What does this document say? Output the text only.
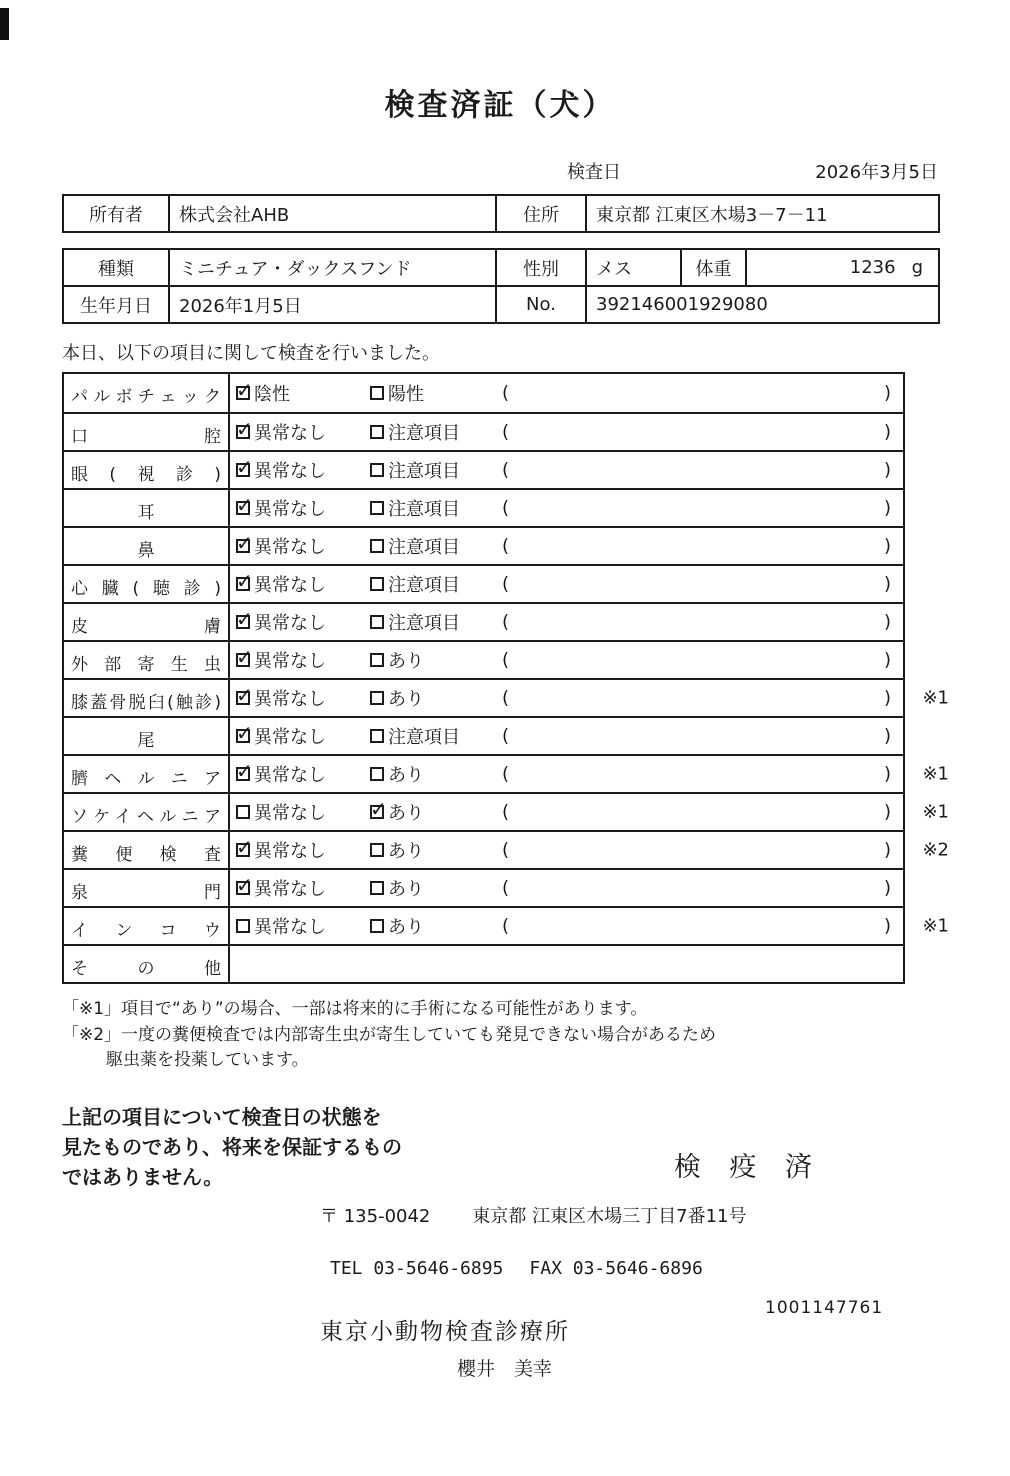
検査済証（犬）
検査日	2026年3月5日
所有者	株式会社AHB	住所	東京都 江東区木場3－7－11
種類	ミニチュア・ダックスフンド	性別	メス	体重	1236 g

生年月日	2026年1月5日	No.	392146001929080		

本日、以下の項目に関して検査を行いました。

パルボチェック ✓ 陰性	陽性	(	)
口腔 ✓ 異常なし	注意項目 (	)
眼(視診) ✓ 異常なし	注意項目 (	)
耳	✓ 異常なし	注意項目 (	)
鼻	✓ 異常なし	注意項目 (	)
心臓(聴診) ✓ 異常なし	注意項目 (	)
皮膚 ✓ 異常なし	注意項目 (	)
外部寄生虫 ✓ 異常なし	あり	(	)
膝蓋骨脱臼(触診) ✓ 異常なし	あり	(	) ※1
尾	✓ 異常なし	注意項目 (	)
臍ヘルニア ✓ 異常なし	あり	(	) ※1
ソケイヘルニア	異常なし ✓ あり	(	) ※1
糞便検査 ✓ 異常なし	あり	(	) ※2
泉門 ✓ 異常なし	あり	(	)
インコウ	異常なし	あり	(	) ※1
その他
「※1」項目で“あり”の場合、一部は将来的に手術になる可能性があります。
「※2」一度の糞便検査では内部寄生虫が寄生していても発見できない場合があるため
駆虫薬を投薬しています。
上記の項目について検査日の状態を
見たものであり、将来を保証するもの
ではありません。	検 疫 済
〒 135-0042 東京都 江東区木場三丁目7番11号
TEL 03-5646-6895 FAX 03-5646-6896
東京小動物検査診療所
櫻井　美幸
1001147761
